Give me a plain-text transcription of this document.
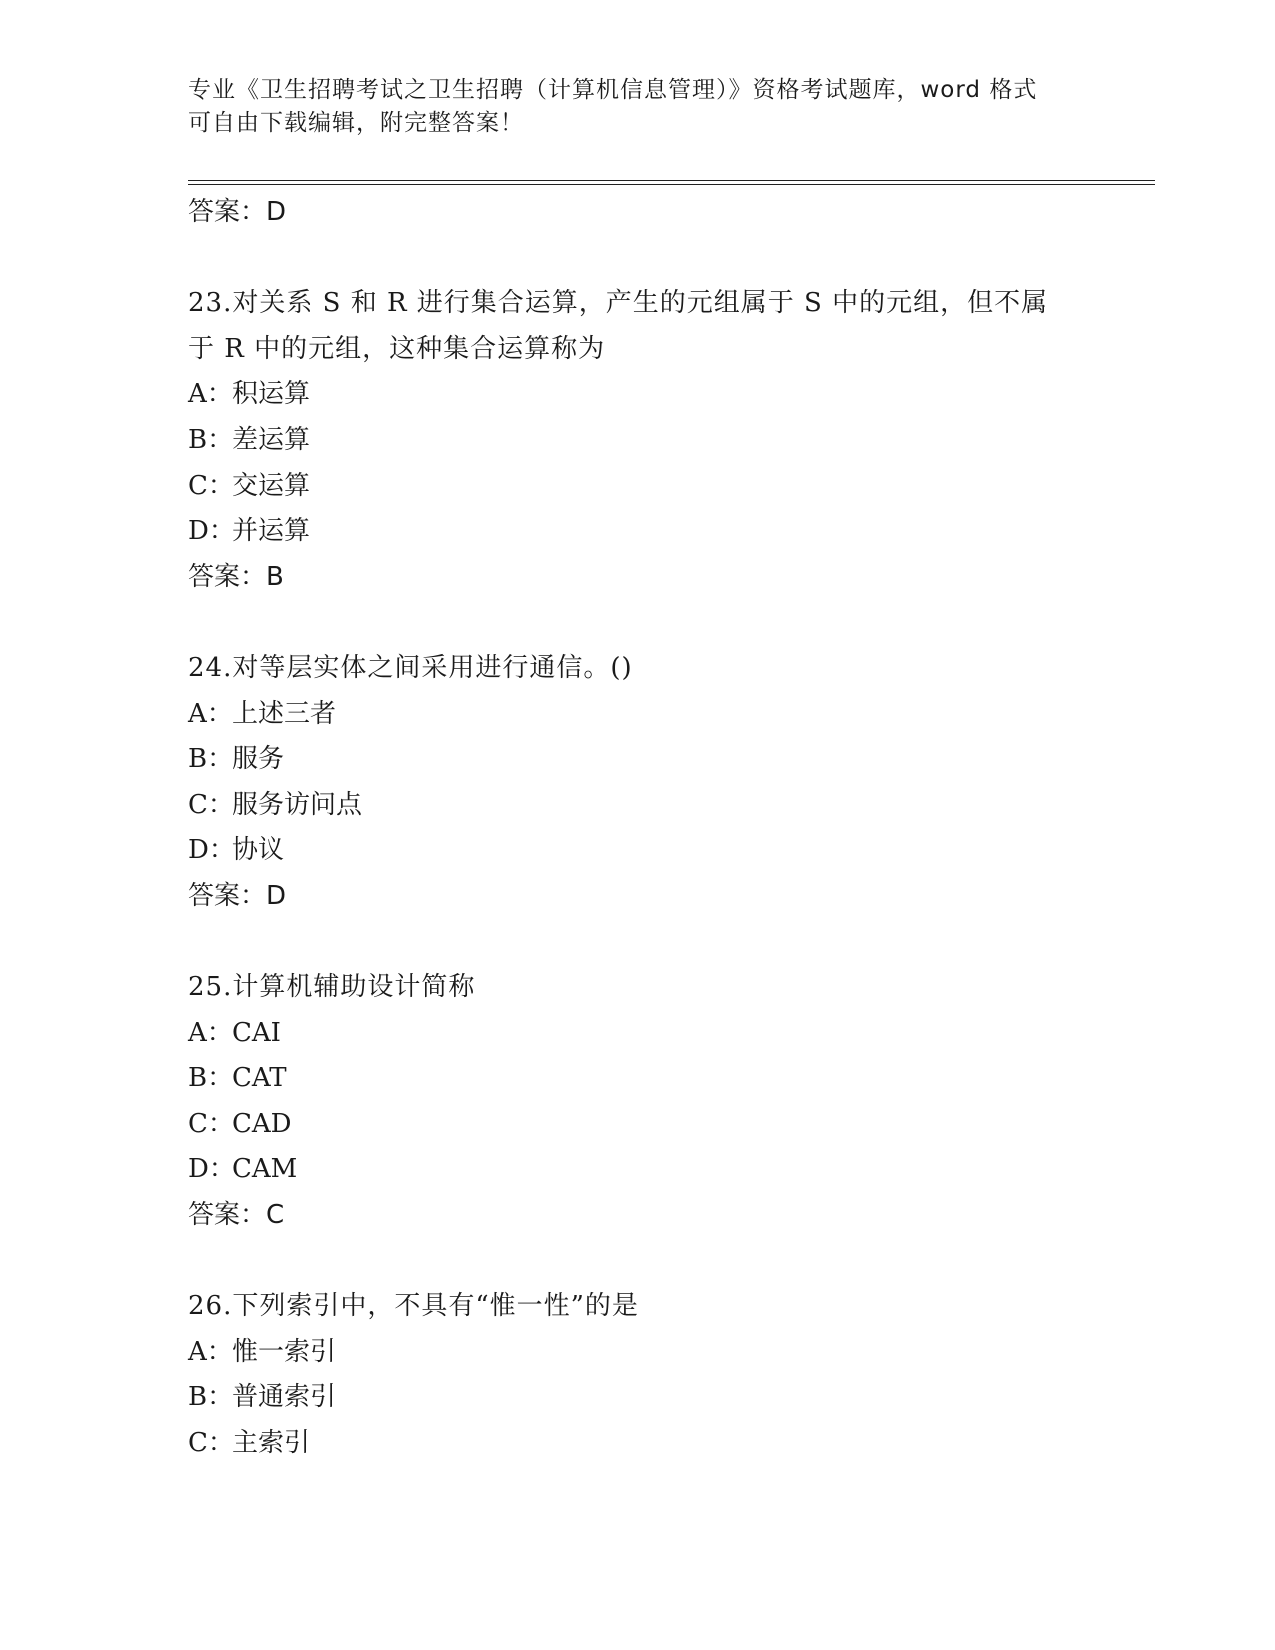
专业《卫生招聘考试之卫生招聘（计算机信息管理）》资格考试题库，word 格式
可自由下载编辑，附完整答案！
答案：D
23.对关系 S 和 R 进行集合运算，产生的元组属于 S 中的元组，但不属
于 R 中的元组，这种集合运算称为
A：积运算
B：差运算
C：交运算
D：并运算
答案：B
24.对等层实体之间采用进行通信。()
A：上述三者
B：服务
C：服务访问点
D：协议
答案：D
25.计算机辅助设计简称
A：CAI
B：CAT
C：CAD
D：CAM
答案：C
26.下列索引中，不具有“惟一性”的是
A：惟一索引
B：普通索引
C：主索引
